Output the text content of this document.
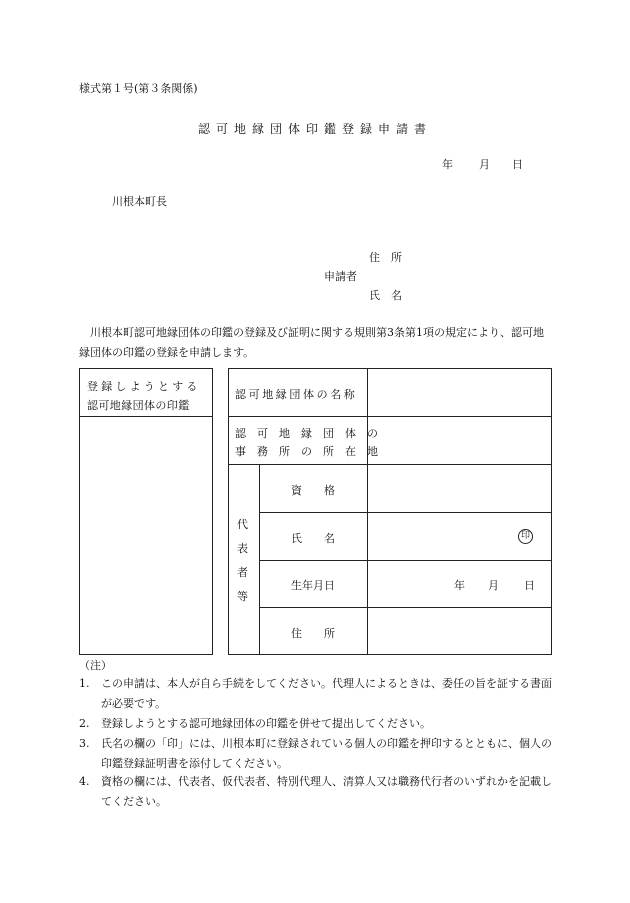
様式第１号(第３条関係)
認可地縁団体印鑑登録申請書
年 月 日
川根本町長
住　所
申請者
氏　名
川根本町認可地縁団体の印鑑の登録及び証明に関する規則第3条第1項の規定により、認可地縁団体の印鑑の登録を申請します。
登録しようとする
認可地縁団体の印鑑
認可地縁団体の名称
認　可　地　縁　団　体　の
事　務　所　の　所　在　地
代
表
者
等
資　　格
氏　　名	印
生年月日	年 月 日
住　　所
（注）
1. この申請は、本人が自ら手続をしてください。代理人によるときは、委任の旨を証する書面が必要です。
2. 登録しようとする認可地縁団体の印鑑を併せて提出してください。
3. 氏名の欄の「印」には、川根本町に登録されている個人の印鑑を押印するとともに、個人の印鑑登録証明書を添付してください。
4. 資格の欄には、代表者、仮代表者、特別代理人、清算人又は職務代行者のいずれかを記載してください。
